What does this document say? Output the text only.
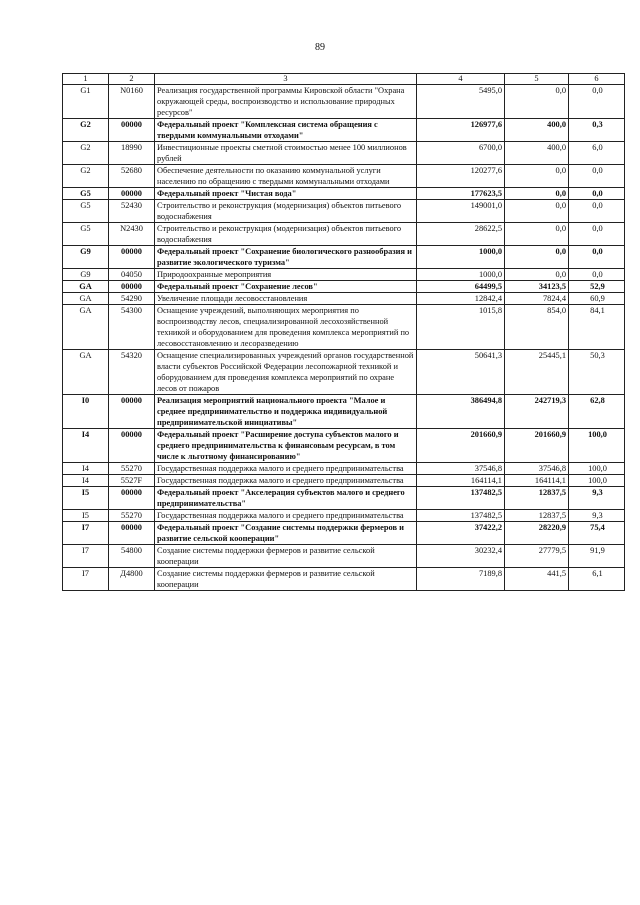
89
1	2	3	4	5	6
G1	N0160	Реализация государственной программы Кировской области "Охрана окружающей среды, воспроизводство и использование природных ресурсов"	5495,0	0,0	0,0
G2	00000	Федеральный проект "Комплексная система обращения с твердыми коммунальными отходами"	126977,6	400,0	0,3
G2	18990	Инвестиционные проекты сметной стоимостью менее 100 миллионов рублей	6700,0	400,0	6,0
G2	52680	Обеспечение деятельности по оказанию коммунальной услуги населению по обращению с твердыми коммунальными отходами	120277,6	0,0	0,0
G5	00000	Федеральный проект "Чистая вода"	177623,5	0,0	0,0
G5	52430	Строительство и реконструкция (модернизация) объектов питьевого водоснабжения	149001,0	0,0	0,0
G5	N2430	Строительство и реконструкция (модернизация) объектов питьевого водоснабжения	28622,5	0,0	0,0
G9	00000	Федеральный проект "Сохранение биологического разнообразия и развитие экологического туризма"	1000,0	0,0	0,0
G9	04050	Природоохранные мероприятия	1000,0	0,0	0,0
GA	00000	Федеральный проект "Сохранение лесов"	64499,5	34123,5	52,9
GA	54290	Увеличение площади лесовосстановления	12842,4	7824,4	60,9
GA	54300	Оснащение учреждений, выполняющих мероприятия по воспроизводству лесов, специализированной лесохозяйственной техникой и оборудованием для проведения комплекса мероприятий по лесовосстановлению и лесоразведению	1015,8	854,0	84,1
GA	54320	Оснащение специализированных учреждений органов государственной власти субъектов Российской Федерации лесопожарной техникой и оборудованием для проведения комплекса мероприятий по охране лесов от пожаров	50641,3	25445,1	50,3
I0	00000	Реализация мероприятий национального проекта "Малое и среднее предпринимательство и поддержка индивидуальной предпринимательской инициативы"	386494,8	242719,3	62,8
I4	00000	Федеральный проект "Расширение доступа субъектов малого и среднего предпринимательства к финансовым ресурсам, в том числе к льготному финансированию"	201660,9	201660,9	100,0
I4	55270	Государственная поддержка малого и среднего предпринимательства	37546,8	37546,8	100,0
I4	5527F	Государственная поддержка малого и среднего предпринимательства	164114,1	164114,1	100,0
I5	00000	Федеральный проект "Акселерация субъектов малого и среднего предпринимательства"	137482,5	12837,5	9,3
I5	55270	Государственная поддержка малого и среднего предпринимательства	137482,5	12837,5	9,3
I7	00000	Федеральный проект "Создание системы поддержки фермеров и развитие сельской кооперации"	37422,2	28220,9	75,4
I7	54800	Создание системы поддержки фермеров и развитие сельской кооперации	30232,4	27779,5	91,9
I7	Д4800	Создание системы поддержки фермеров и развитие сельской кооперации	7189,8	441,5	6,1
